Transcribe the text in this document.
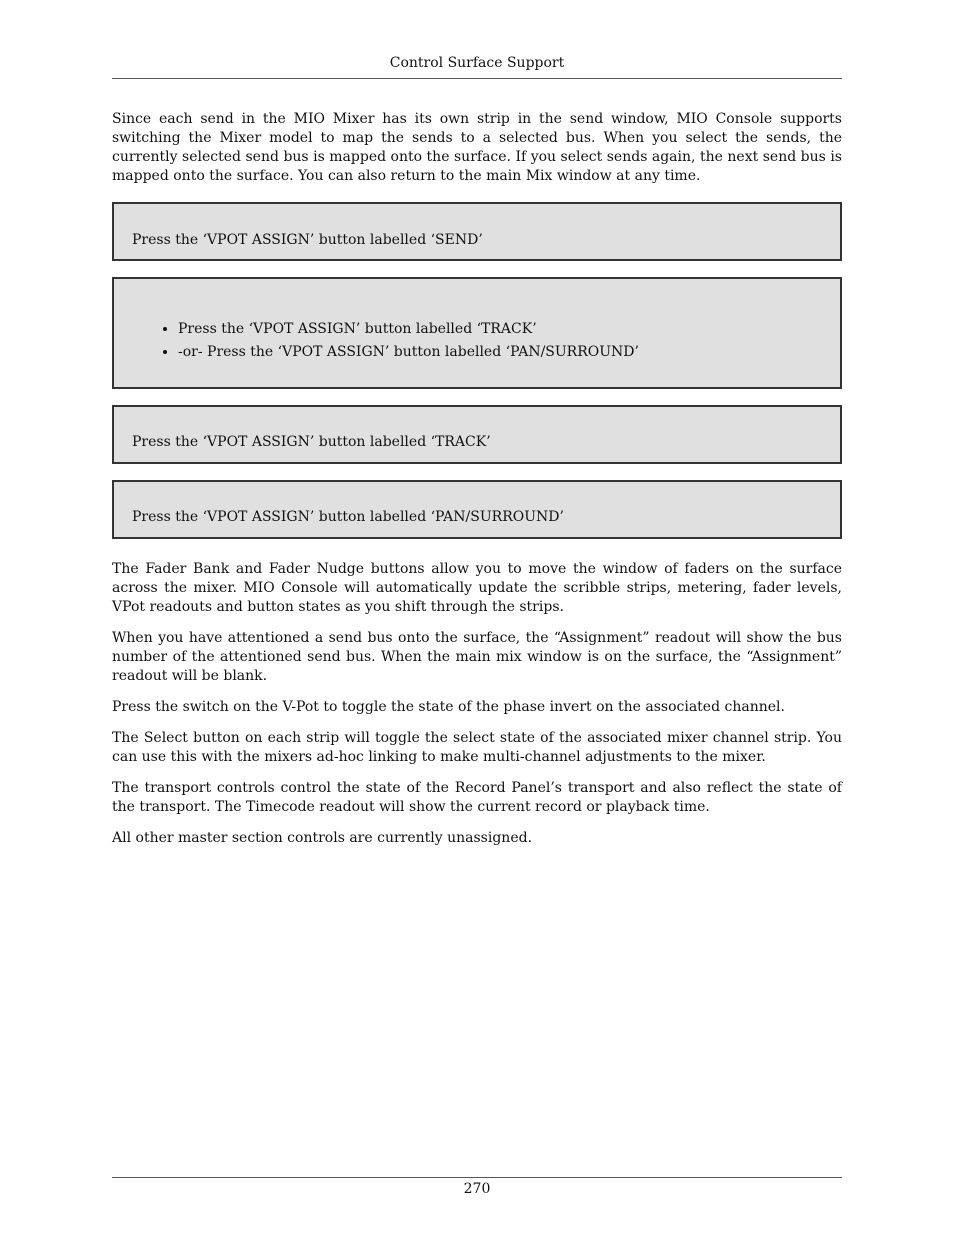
Control Surface Support

Since each send in the MIO Mixer has its own strip in the send window, MIO Console supports switching the Mixer model to map the sends to a selected bus. When you select the sends, the currently selected send bus is mapped onto the surface. If you select sends again, the next send bus is mapped onto the surface. You can also return to the main Mix window at any time.

Press the ‘VPOT ASSIGN’ button labelled ‘SEND’

• Press the ‘VPOT ASSIGN’ button labelled ‘TRACK’
• -or- Press the ‘VPOT ASSIGN’ button labelled ‘PAN/SURROUND’

Press the ‘VPOT ASSIGN’ button labelled ‘TRACK’

Press the ‘VPOT ASSIGN’ button labelled ‘PAN/SURROUND’

The Fader Bank and Fader Nudge buttons allow you to move the window of faders on the surface across the mixer. MIO Console will automatically update the scribble strips, metering, fader levels, VPot readouts and button states as you shift through the strips.

When you have attentioned a send bus onto the surface, the “Assignment” readout will show the bus number of the attentioned send bus. When the main mix window is on the surface, the “Assignment” readout will be blank.

Press the switch on the V-Pot to toggle the state of the phase invert on the associated channel.

The Select button on each strip will toggle the select state of the associated mixer channel strip. You can use this with the mixers ad-hoc linking to make multi-channel adjustments to the mixer.

The transport controls control the state of the Record Panel’s transport and also reflect the state of the transport. The Timecode readout will show the current record or playback time.

All other master section controls are currently unassigned.

270
